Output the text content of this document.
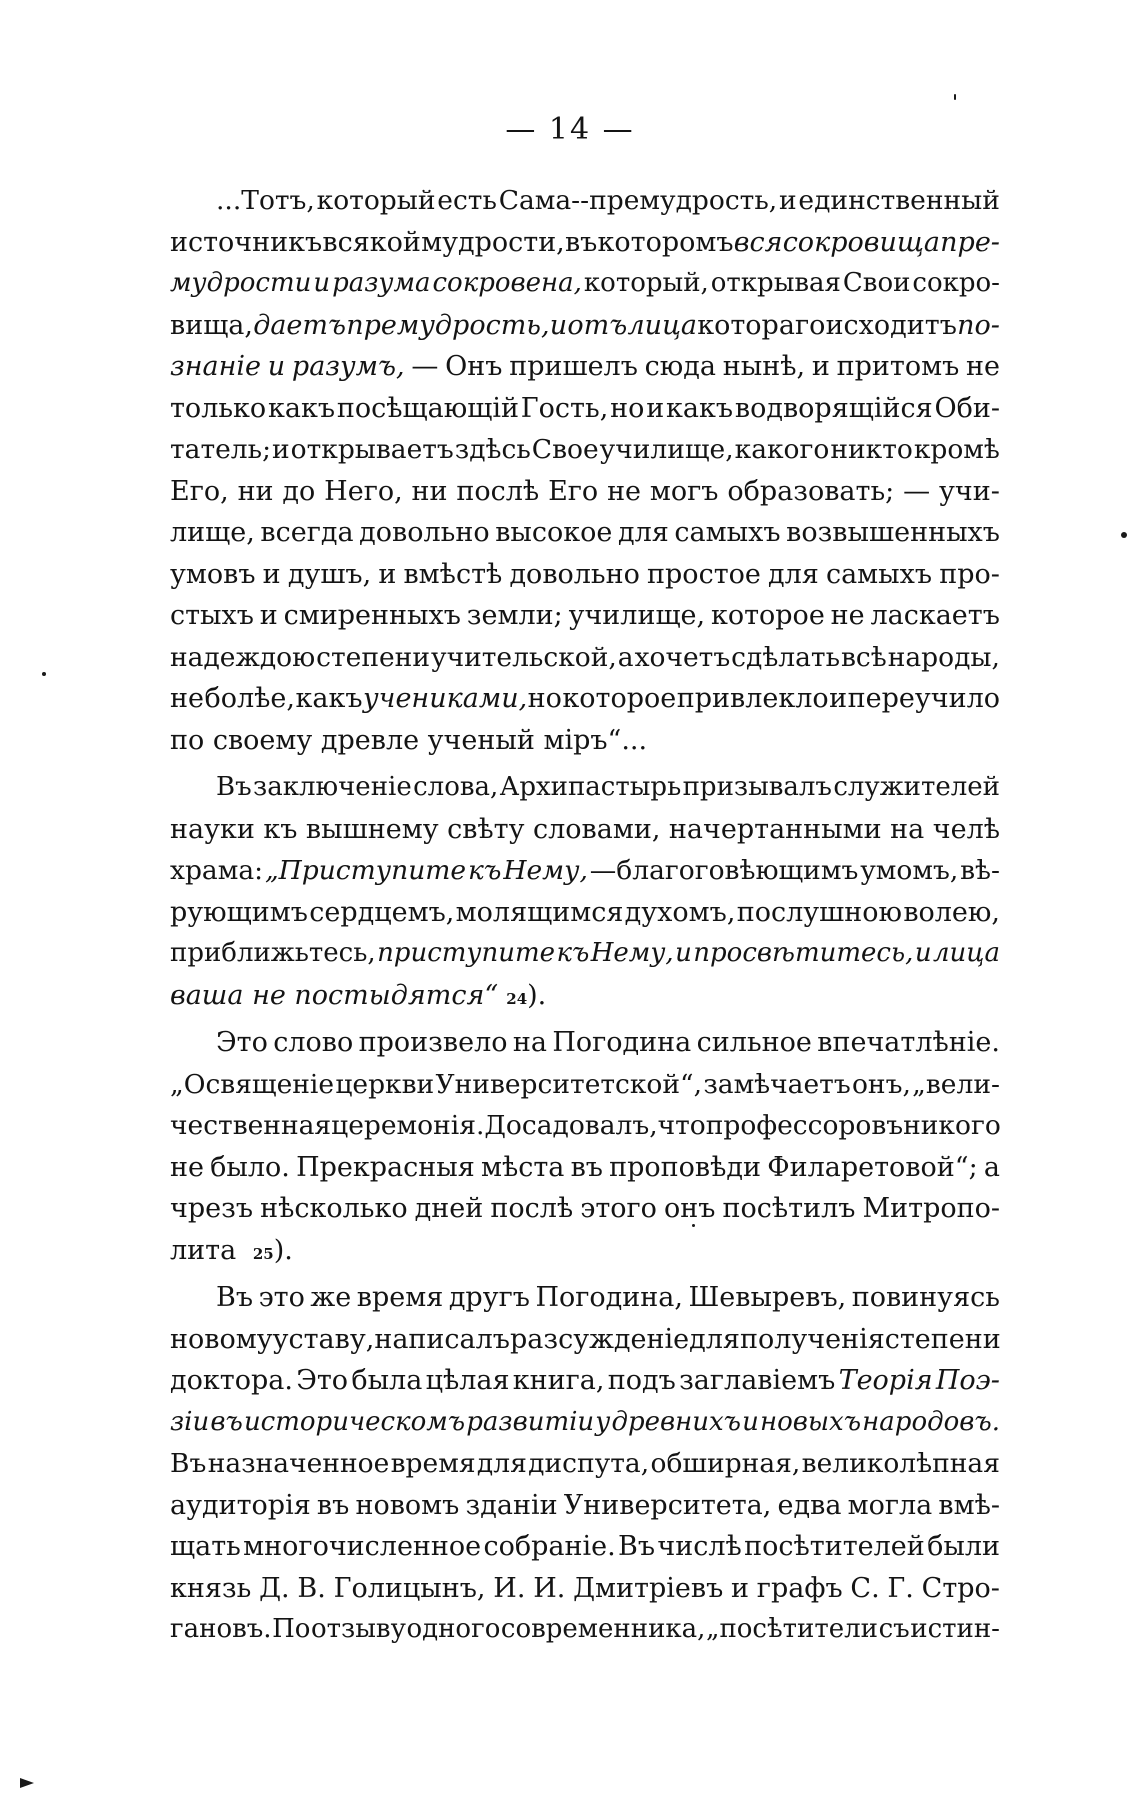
— 14 —
...Тотъ, который есть Сама--премудрость, и единственный
источникъ всякой мудрости, въ которомъ вся сокровища пре-
мудрости и разума сокровена, который, открывая Свои сокро-
вища, даетъ премудрость, и отъ лица котораго исходитъ по-
знаніе и разумъ, — Онъ пришелъ сюда нынѣ, и притомъ не
только какъ посѣщающій Гость, но и какъ водворящійся Оби-
татель; и открываетъ здѣсь Свое училище, какого никто кромѣ
Его, ни до Него, ни послѣ Его не могъ образовать; — учи-
лище, всегда довольно высокое для самыхъ возвышенныхъ
умовъ и душъ, и вмѣстѣ довольно простое для самыхъ про-
стыхъ и смиренныхъ земли; училище, которое не ласкаетъ
надеждою степени учительской, а хочетъ сдѣлать всѣ народы,
не болѣе, какъ учениками, но которое привлекло и переучило
по своему древле ученый міръ“...
Въ заключеніе слова, Архипастырь призывалъ служителей
науки къ вышнему свѣту словами, начертанными на челѣ
храма: „Приступите къ Нему, —благоговѣющимъ умомъ, вѣ-
рующимъ сердцемъ, молящимся духомъ, послушною волею,
приближьтесь, приступите къ Нему, и просвѣтитесь, и лица
ваша не постыдятся“ 24 ).
Это слово произвело на Погодина сильное впечатлѣніе.
„Освященіе церкви Университетской“, замѣчаетъ онъ, „вели-
чественная церемонія. Досадовалъ, что профессоровъ никого
не было. Прекрасныя мѣста въ проповѣди Филаретовой“; а
чрезъ нѣсколько дней послѣ этого онъ посѣтилъ Митропо-
лита 25 ).
Въ это же время другъ Погодина, Шевыревъ, повинуясь
новому уставу, написалъ разсужденіе для полученія степени
доктора. Это была цѣлая книга, подъ заглавіемъ Теорія Поэ-
зіи въ историческомъ развитіи у древнихъ и новыхъ народовъ.
Въ назначенное время для диспута, обширная, великолѣпная
аудиторія въ новомъ зданіи Университета, едва могла вмѣ-
щать многочисленное собраніе. Въ числѣ посѣтителей были
князь Д. В. Голицынъ, И. И. Дмитріевъ и графъ С. Г. Стро-
гановъ. По отзыву одного современника, „посѣтители съ истин-
